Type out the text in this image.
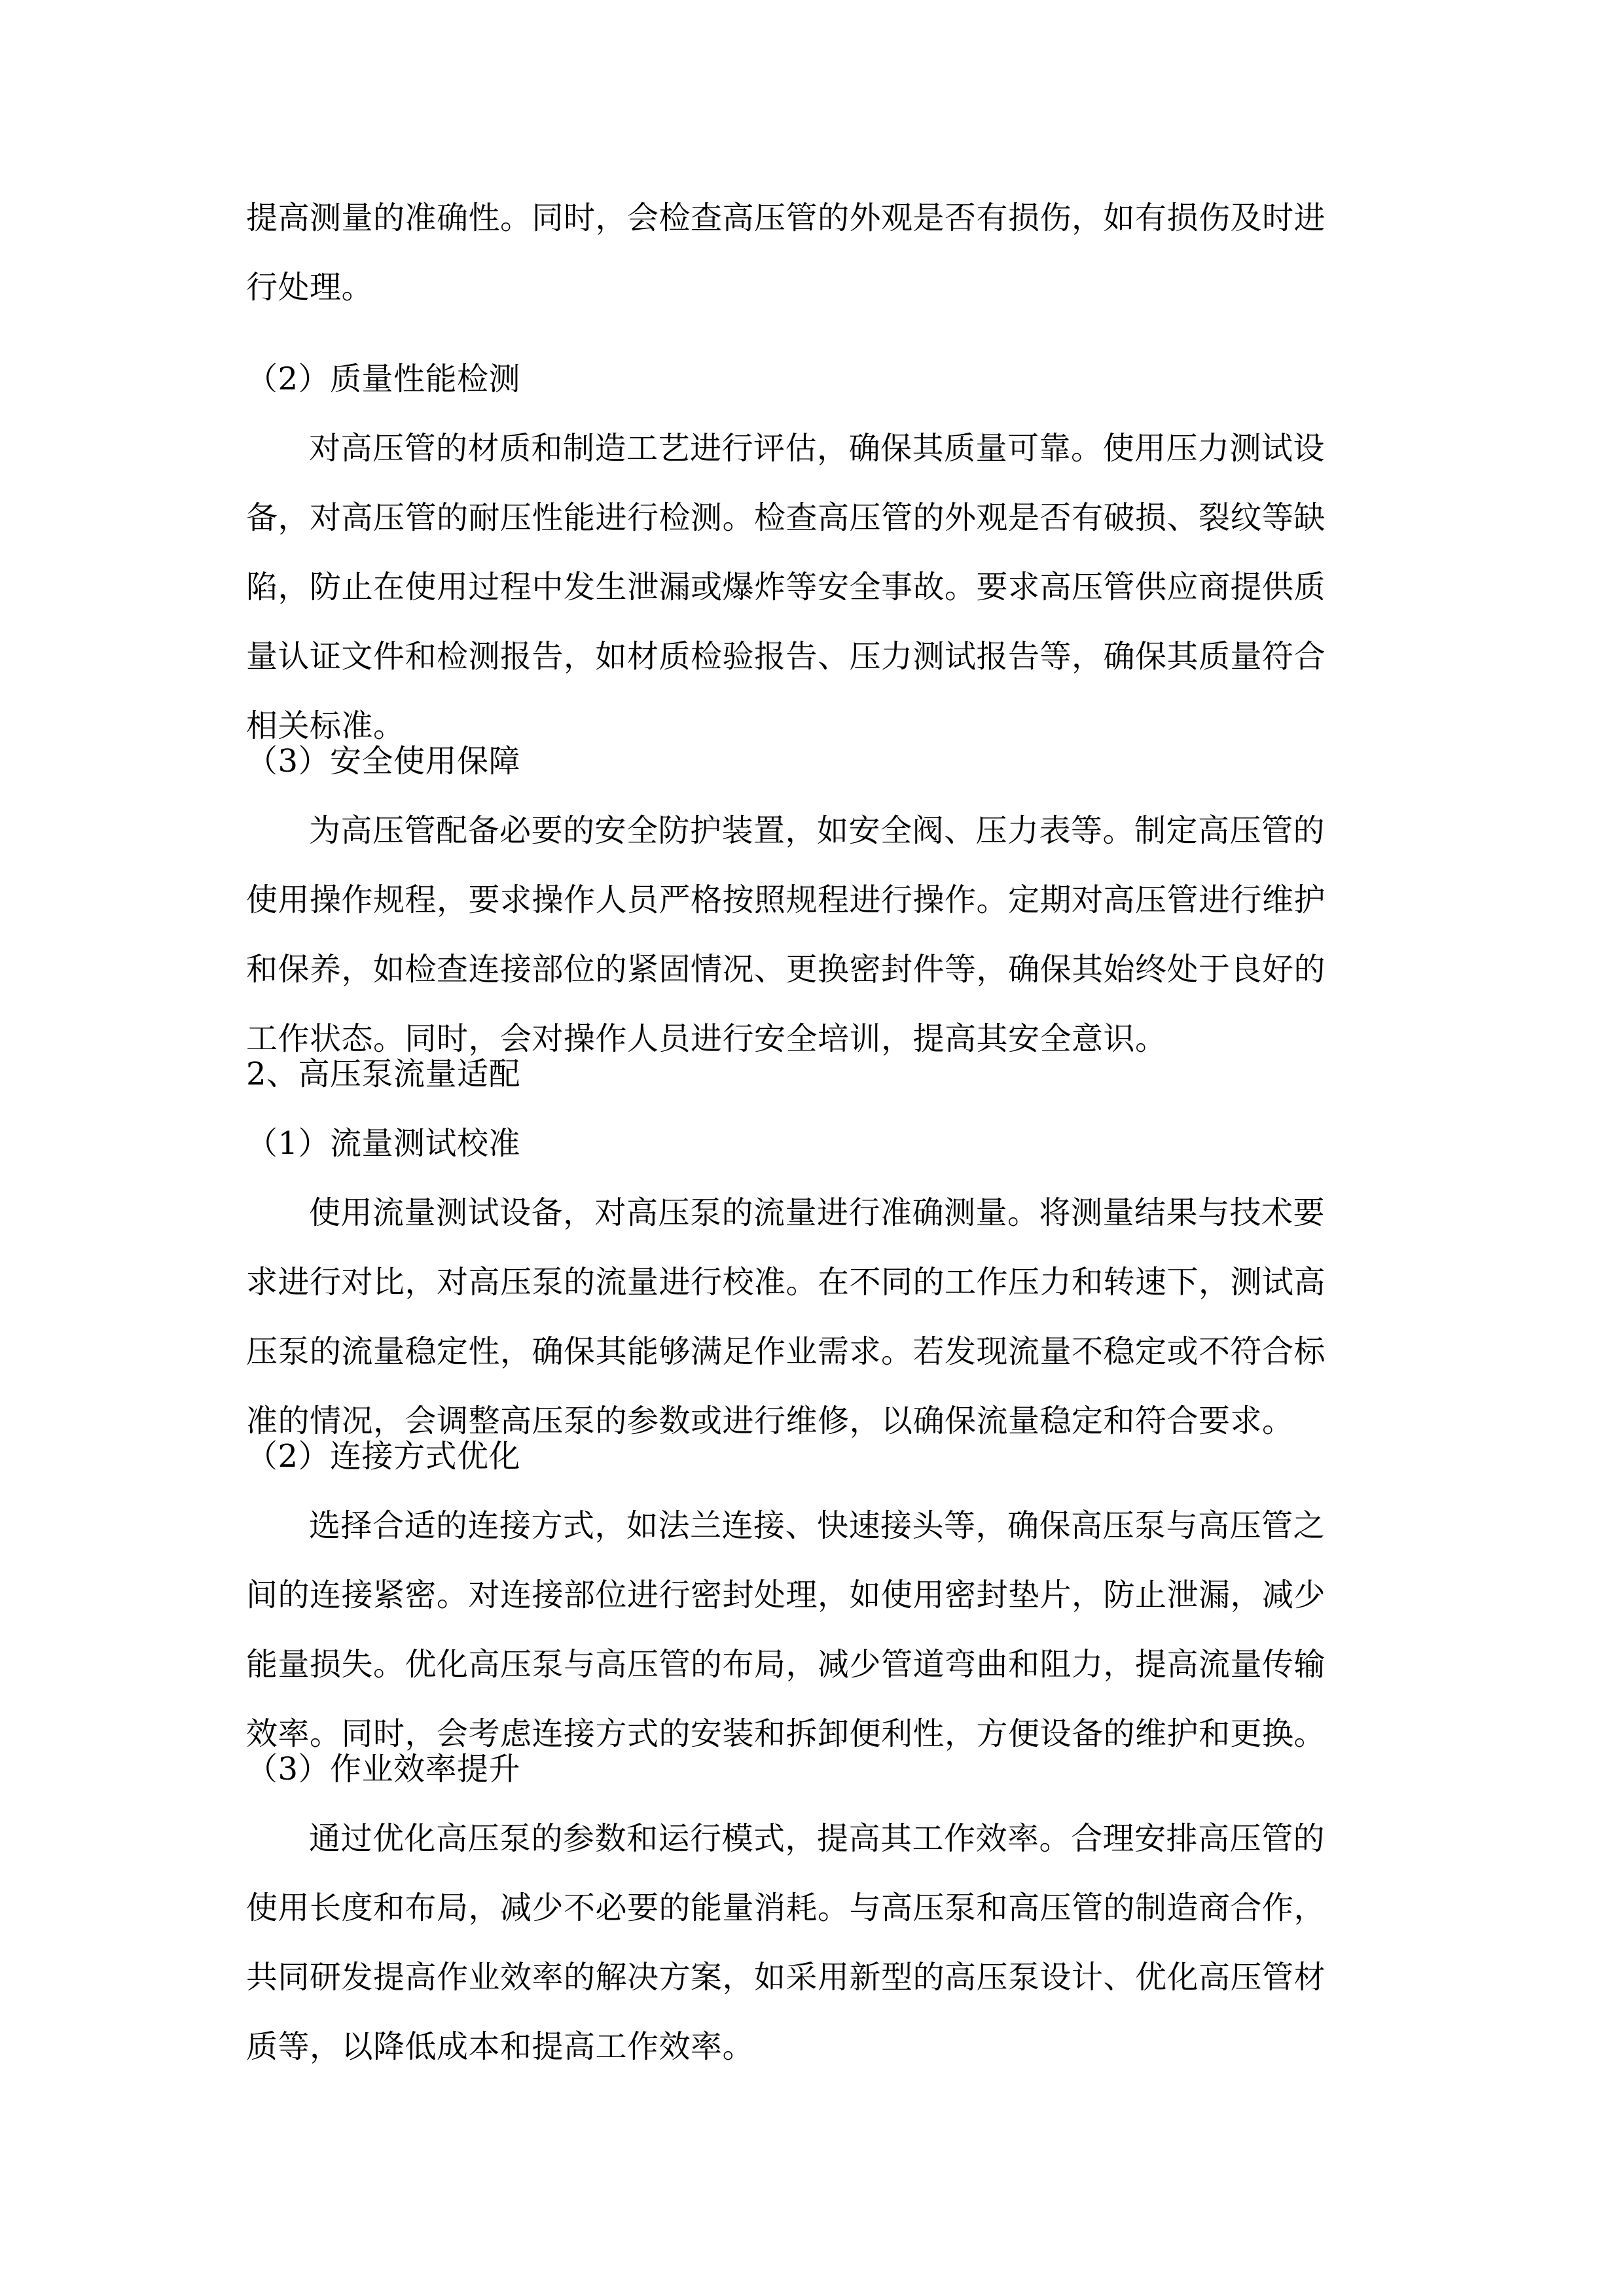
提高测量的准确性。同时，会检查高压管的外观是否有损伤，如有损伤及时进
行处理。
（2）质量性能检测
对高压管的材质和制造工艺进行评估，确保其质量可靠。使用压力测试设
备，对高压管的耐压性能进行检测。检查高压管的外观是否有破损、裂纹等缺
陷，防止在使用过程中发生泄漏或爆炸等安全事故。要求高压管供应商提供质
量认证文件和检测报告，如材质检验报告、压力测试报告等，确保其质量符合
相关标准。
（3）安全使用保障
为高压管配备必要的安全防护装置，如安全阀、压力表等。制定高压管的
使用操作规程，要求操作人员严格按照规程进行操作。定期对高压管进行维护
和保养，如检查连接部位的紧固情况、更换密封件等，确保其始终处于良好的
工作状态。同时，会对操作人员进行安全培训，提高其安全意识。
2、高压泵流量适配
（1）流量测试校准
使用流量测试设备，对高压泵的流量进行准确测量。将测量结果与技术要
求进行对比，对高压泵的流量进行校准。在不同的工作压力和转速下，测试高
压泵的流量稳定性，确保其能够满足作业需求。若发现流量不稳定或不符合标
准的情况，会调整高压泵的参数或进行维修，以确保流量稳定和符合要求。
（2）连接方式优化
选择合适的连接方式，如法兰连接、快速接头等，确保高压泵与高压管之
间的连接紧密。对连接部位进行密封处理，如使用密封垫片，防止泄漏，减少
能量损失。优化高压泵与高压管的布局，减少管道弯曲和阻力，提高流量传输
效率。同时，会考虑连接方式的安装和拆卸便利性，方便设备的维护和更换。
（3）作业效率提升
通过优化高压泵的参数和运行模式，提高其工作效率。合理安排高压管的
使用长度和布局，减少不必要的能量消耗。与高压泵和高压管的制造商合作，
共同研发提高作业效率的解决方案，如采用新型的高压泵设计、优化高压管材
质等，以降低成本和提高工作效率。
